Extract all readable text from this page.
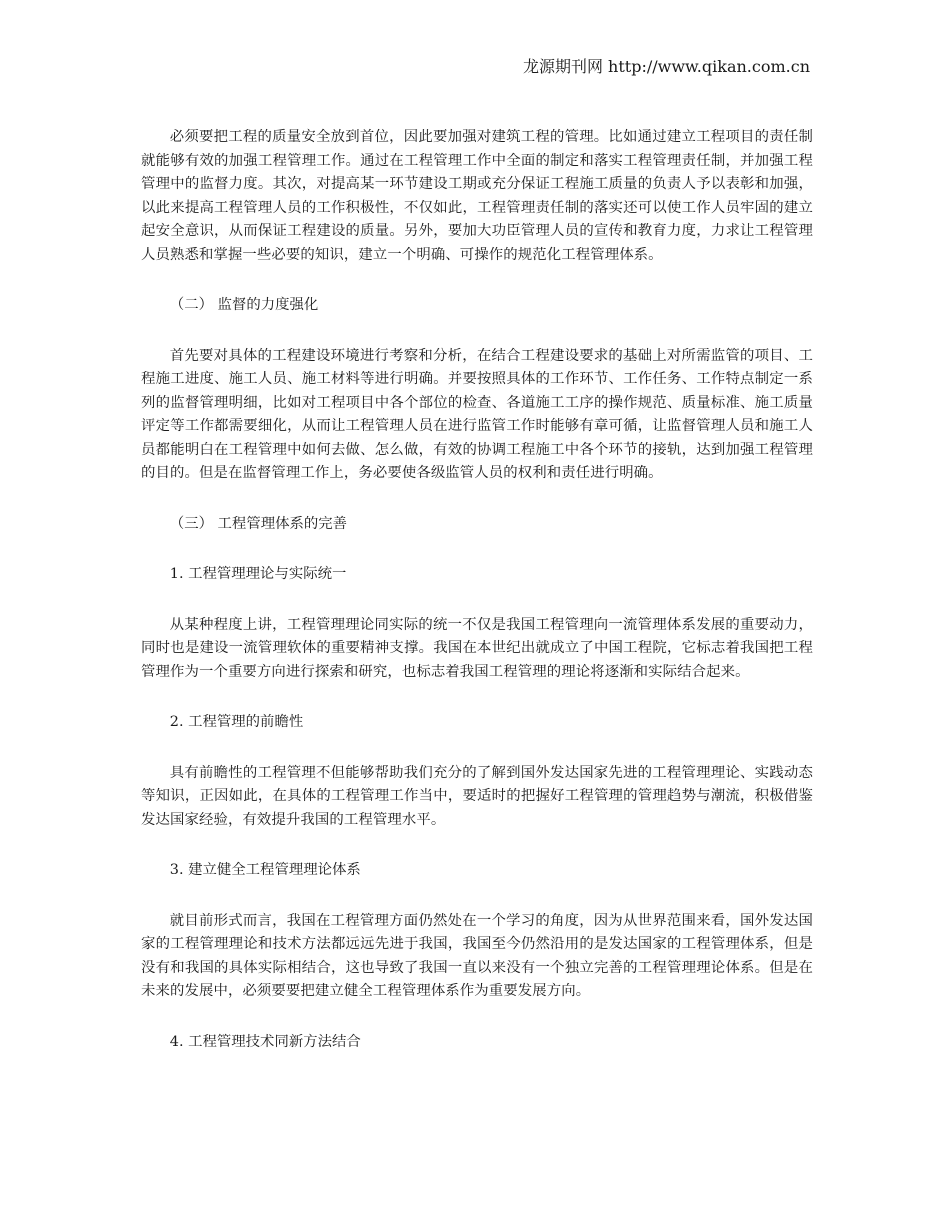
龙源期刊网 http://www.qikan.com.cn

必须要把工程的质量安全放到首位，因此要加强对建筑工程的管理。比如通过建立工程项目的责任制就能够有效的加强工程管理工作。通过在工程管理工作中全面的制定和落实工程管理责任制，并加强工程管理中的监督力度。其次，对提高某一环节建设工期或充分保证工程施工质量的负责人予以表彰和加强，以此来提高工程管理人员的工作积极性，不仅如此，工程管理责任制的落实还可以使工作人员牢固的建立起安全意识，从而保证工程建设的质量。另外，要加大功臣管理人员的宣传和教育力度，力求让工程管理人员熟悉和掌握一些必要的知识，建立一个明确、可操作的规范化工程管理体系。

（二） 监督的力度强化

首先要对具体的工程建设环境进行考察和分析，在结合工程建设要求的基础上对所需监管的项目、工程施工进度、施工人员、施工材料等进行明确。并要按照具体的工作环节、工作任务、工作特点制定一系列的监督管理明细，比如对工程项目中各个部位的检查、各道施工工序的操作规范、质量标准、施工质量评定等工作都需要细化，从而让工程管理人员在进行监管工作时能够有章可循，让监督管理人员和施工人员都能明白在工程管理中如何去做、怎么做，有效的协调工程施工中各个环节的接轨，达到加强工程管理的目的。但是在监督管理工作上，务必要使各级监管人员的权利和责任进行明确。

（三） 工程管理体系的完善

1. 工程管理理论与实际统一

从某种程度上讲，工程管理理论同实际的统一不仅是我国工程管理向一流管理体系发展的重要动力，同时也是建设一流管理软体的重要精神支撑。我国在本世纪出就成立了中国工程院，它标志着我国把工程管理作为一个重要方向进行探索和研究，也标志着我国工程管理的理论将逐渐和实际结合起来。

2. 工程管理的前瞻性

具有前瞻性的工程管理不但能够帮助我们充分的了解到国外发达国家先进的工程管理理论、实践动态等知识，正因如此，在具体的工程管理工作当中，要适时的把握好工程管理的管理趋势与潮流，积极借鉴发达国家经验，有效提升我国的工程管理水平。

3. 建立健全工程管理理论体系

就目前形式而言，我国在工程管理方面仍然处在一个学习的角度，因为从世界范围来看，国外发达国家的工程管理理论和技术方法都远远先进于我国，我国至今仍然沿用的是发达国家的工程管理体系，但是没有和我国的具体实际相结合，这也导致了我国一直以来没有一个独立完善的工程管理理论体系。但是在未来的发展中，必须要要把建立健全工程管理体系作为重要发展方向。

4. 工程管理技术同新方法结合
